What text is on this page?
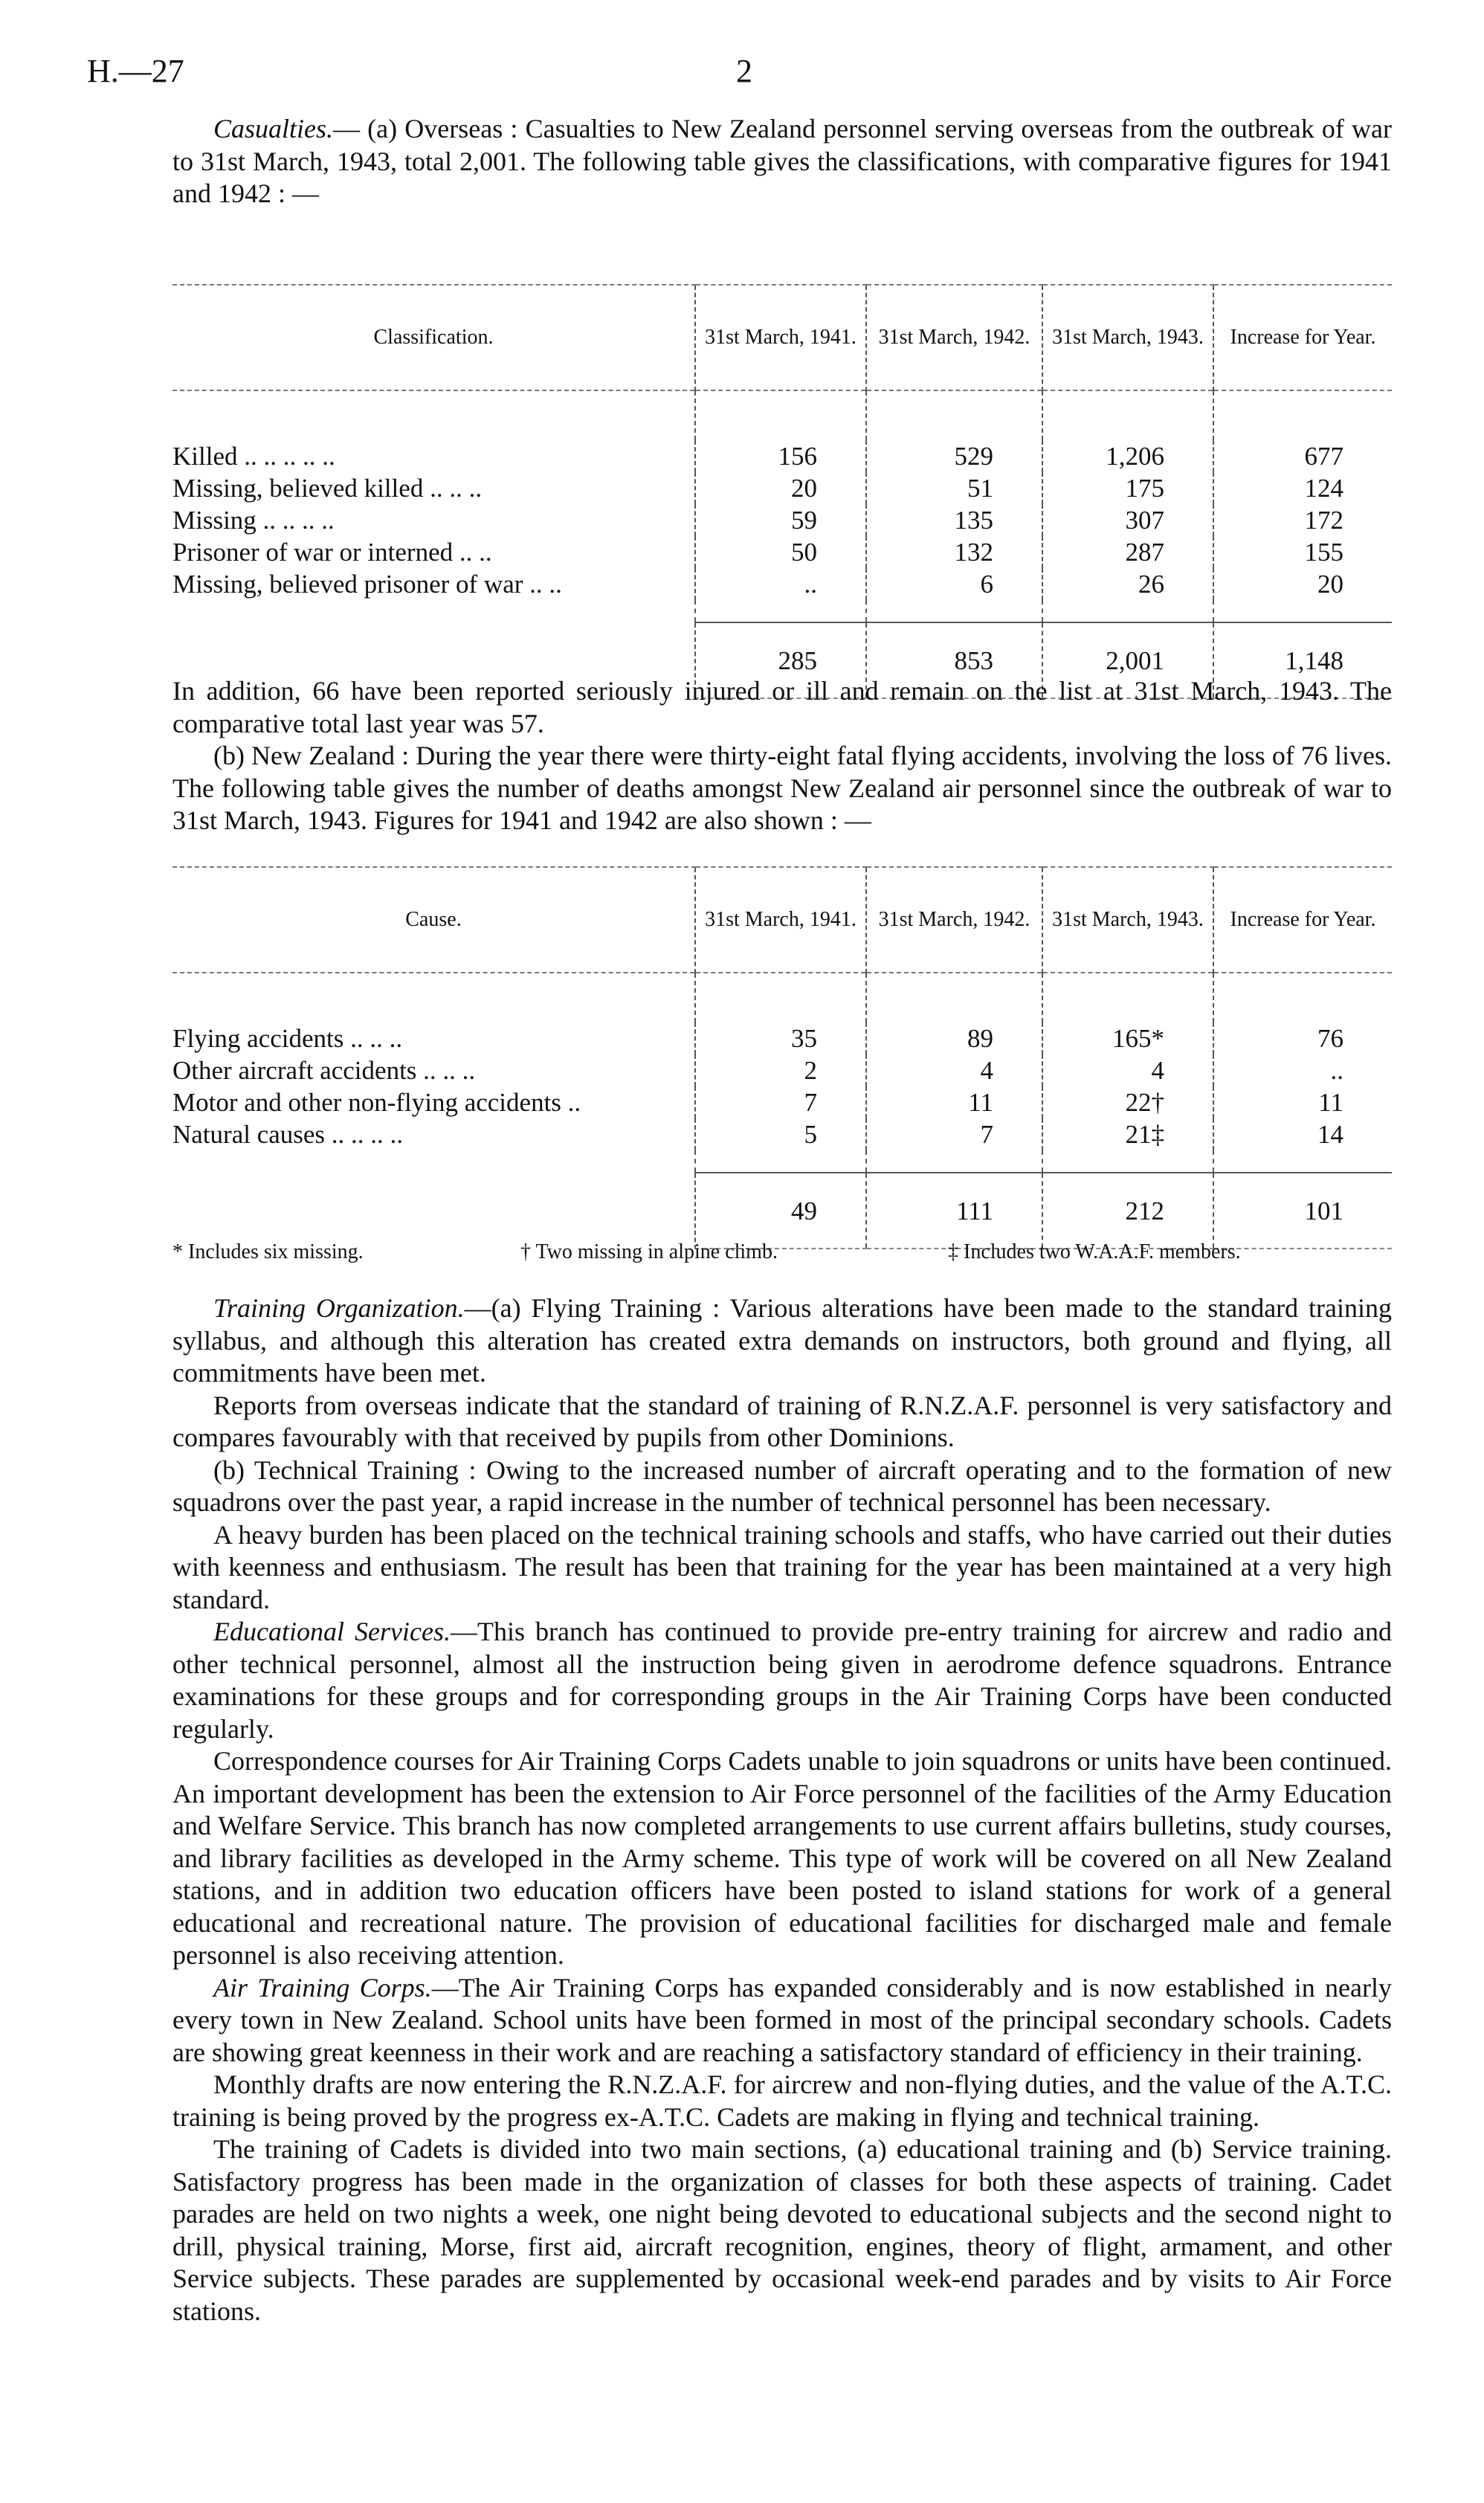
H.—27	2

Casualties.— (a) Overseas : Casualties to New Zealand personnel serving overseas from the outbreak of war to 31st March, 1943, total 2,001. The following table gives the classifications, with comparative figures for 1941 and 1942 : —

Classification.	31st March, 1941.	31st March, 1942.	31st March, 1943.	Increase for Year.

Killed .. .. .. .. ..	156	529	1,206	677
Missing, believed killed .. .. ..	20	51	175	124
Missing .. .. .. ..	59	135	307	172
Prisoner of war or interned .. ..	50	132	287	155
Missing, believed prisoner of war .. ..	..	6	26	20

	285	853	2,001	1,148

In addition, 66 have been reported seriously injured or ill and remain on the list at 31st March, 1943. The comparative total last year was 57.

(b) New Zealand : During the year there were thirty-eight fatal flying accidents, involving the loss of 76 lives. The following table gives the number of deaths amongst New Zealand air personnel since the outbreak of war to 31st March, 1943. Figures for 1941 and 1942 are also shown : —

Cause.	31st March, 1941.	31st March, 1942.	31st March, 1943.	Increase for Year.

Flying accidents .. .. ..	35	89	165*	76
Other aircraft accidents .. .. ..	2	4	4	..
Motor and other non-flying accidents ..	7	11	22†	11
Natural causes .. .. .. ..	5	7	21‡	14

	49	111	212	101
* Includes six missing.	† Two missing in alpine climb.	‡ Includes two W.A.A.F. members.

Training Organization.—(a) Flying Training : Various alterations have been made to the standard training syllabus, and although this alteration has created extra demands on instructors, both ground and flying, all commitments have been met.

Reports from overseas indicate that the standard of training of R.N.Z.A.F. personnel is very satisfactory and compares favourably with that received by pupils from other Dominions.

(b) Technical Training : Owing to the increased number of aircraft operating and to the formation of new squadrons over the past year, a rapid increase in the number of technical personnel has been necessary.

A heavy burden has been placed on the technical training schools and staffs, who have carried out their duties with keenness and enthusiasm. The result has been that training for the year has been maintained at a very high standard.

Educational Services.—This branch has continued to provide pre-entry training for aircrew and radio and other technical personnel, almost all the instruction being given in aerodrome defence squadrons. Entrance examinations for these groups and for corresponding groups in the Air Training Corps have been conducted regularly.

Correspondence courses for Air Training Corps Cadets unable to join squadrons or units have been continued. An important development has been the extension to Air Force personnel of the facilities of the Army Education and Welfare Service. This branch has now completed arrangements to use current affairs bulletins, study courses, and library facilities as developed in the Army scheme. This type of work will be covered on all New Zealand stations, and in addition two education officers have been posted to island stations for work of a general educational and recreational nature. The provision of educational facilities for discharged male and female personnel is also receiving attention.

Air Training Corps.—The Air Training Corps has expanded considerably and is now established in nearly every town in New Zealand. School units have been formed in most of the principal secondary schools. Cadets are showing great keenness in their work and are reaching a satisfactory standard of efficiency in their training.

Monthly drafts are now entering the R.N.Z.A.F. for aircrew and non-flying duties, and the value of the A.T.C. training is being proved by the progress ex-A.T.C. Cadets are making in flying and technical training.

The training of Cadets is divided into two main sections, (a) educational training and (b) Service training. Satisfactory progress has been made in the organization of classes for both these aspects of training. Cadet parades are held on two nights a week, one night being devoted to educational subjects and the second night to drill, physical training, Morse, first aid, aircraft recognition, engines, theory of flight, armament, and other Service subjects. These parades are supplemented by occasional week-end parades and by visits to Air Force stations.
